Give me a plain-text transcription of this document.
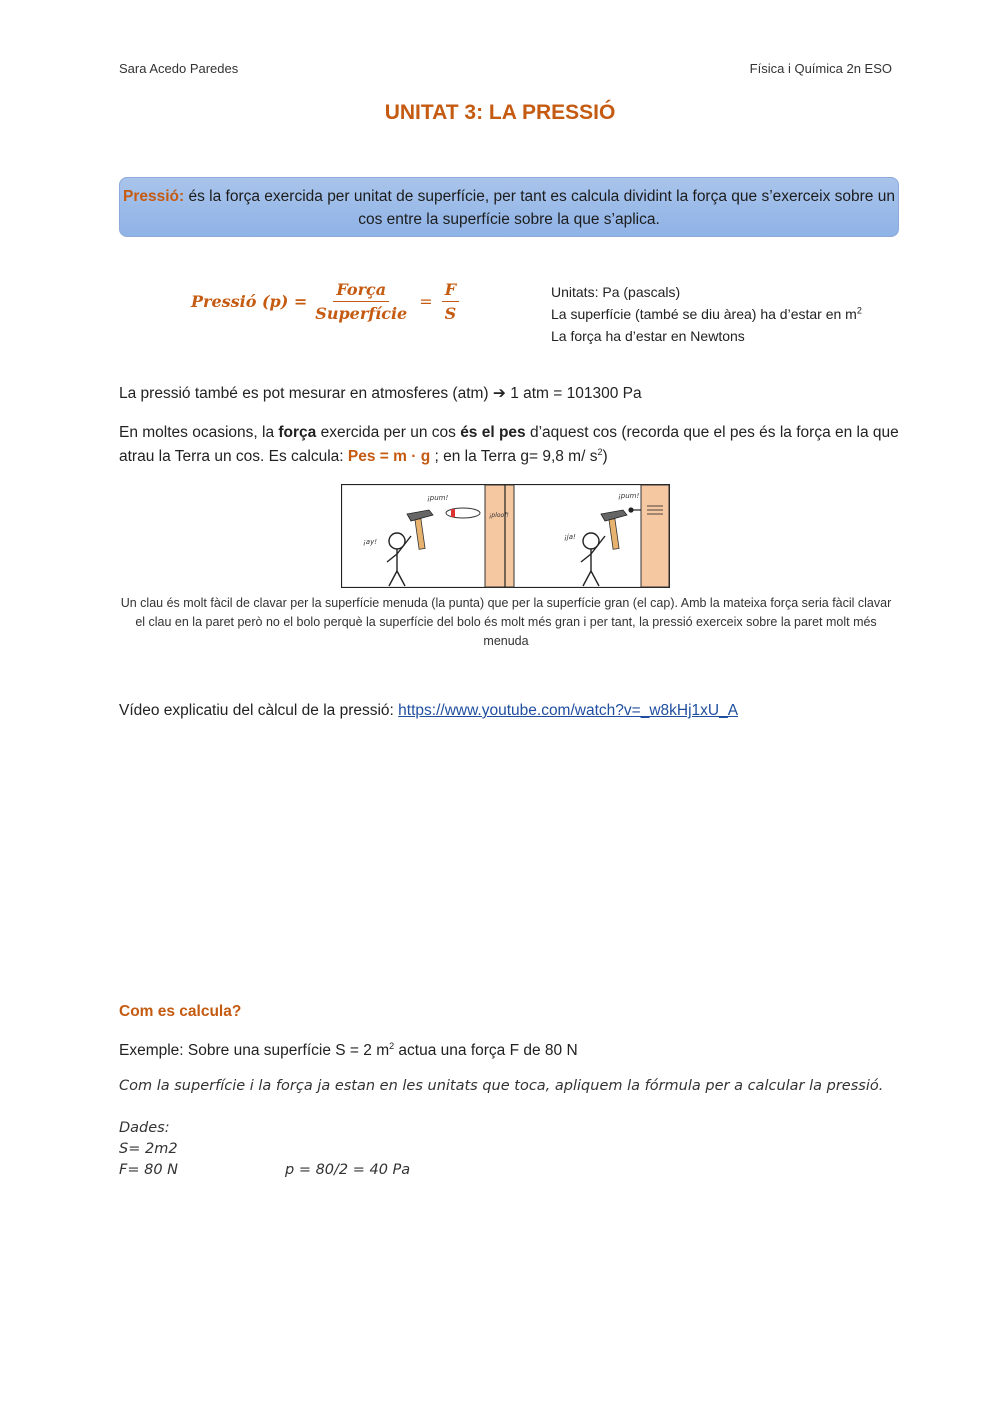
Sara Acedo Paredes	Física i Química 2n ESO
UNITAT 3: LA PRESSIÓ
Pressió: és la força exercida per unitat de superfície, per tant es calcula dividint la força que s’exerceix sobre un cos entre la superfície sobre la que s’aplica.
Pressió $(p) = \frac{\text{Força}}{\text{Superfície}} = \frac{F}{S}$	Unitats: Pa (pascals)
La superfície (també se diu àrea) ha d’estar en $m^2$
La força ha d’estar en Newtons
La pressió també es pot mesurar en atmosferes (atm) ➔ 1 atm = 101300 Pa
En moltes ocasions, la força exercida per un cos és el pes d’aquest cos (recorda que el pes és la força en la que atrau la Terra un cos. Es calcula: Pes = m · g ; en la Terra g= 9,8 m/ $s^2$)
¡pum!
¡ay!
¡ploof!
¡pum!
¡ja!
Un clau és molt fàcil de clavar per la superfície menuda (la punta) que per la superfície gran (el cap). Amb la mateixa força seria fàcil clavar el clau en la paret però no el bolo perquè la superfície del bolo és molt més gran i per tant, la pressió exerceix sobre la paret molt més menuda
Vídeo explicatiu del càlcul de la pressió: https://www.youtube.com/watch?v=_w8kHj1xU_A
Com es calcula?
Exemple: Sobre una superfície S = 2 $m^2$ actua una força F de 80 N
Com la superfície i la força ja estan en les unitats que toca, apliquem la fórmula per a calcular la pressió.
Dades:
S= 2m2
F= 80 N	p = 80/2 = 40 Pa
